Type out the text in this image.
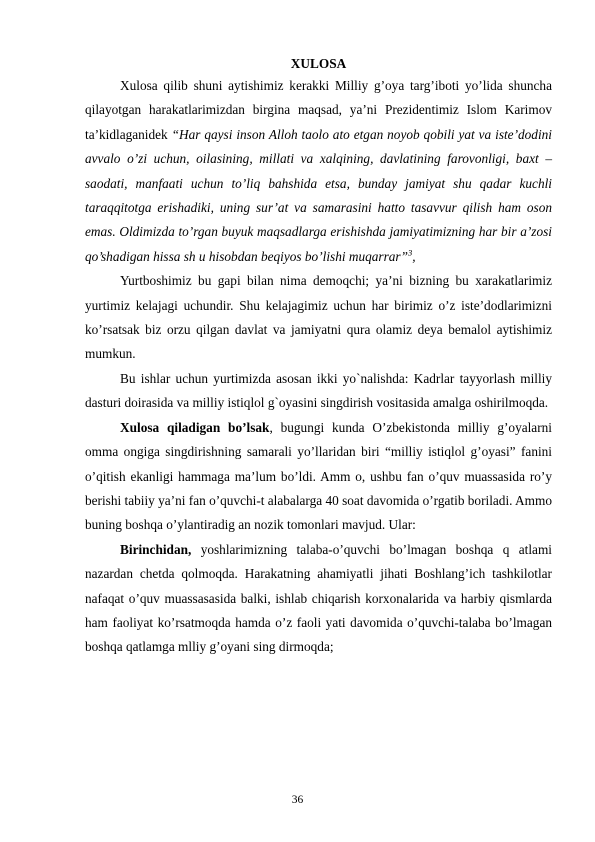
XULOSA

Xulosa qilib shuni aytishimiz kerakki Milliy g’oya targ’iboti yo’lida shuncha qilayotgan harakatlarimizdan birgina maqsad, ya’ni Prezidentimiz Islom Karimov ta’kidlaganidek “Har qaysi inson Alloh taolo ato etgan noyob qobili yat va iste’dodini avvalo o’zi uchun, oilasining, millati va xalqining, davlatining farovonligi, baxt – saodati, manfaati uchun to’liq bahshida etsa, bunday jamiyat shu qadar kuchli taraqqitotga erishadiki, uning sur’at va samarasini hatto tasavvur qilish ham oson emas. Oldimizda to’rgan buyuk maqsadlarga erishishda jamiyatimizning har bir a’zosi qo’shadigan hissa sh u hisobdan beqiyos bo’lishi muqarrar”$^3$,

Yurtboshimiz bu gapi bilan nima demoqchi; ya’ni bizning bu xarakatlarimiz yurtimiz kelajagi uchundir. Shu kelajagimiz uchun har birimiz o’z iste’dodlarimizni ko’rsatsak biz orzu qilgan davlat va jamiyatni qura olamiz deya bemalol aytishimiz mumkun.

Bu ishlar uchun yurtimizda asosan ikki yo`nalishda: Kadrlar tayyorlash milliy dasturi doirasida va milliy istiqlol g`oyasini singdirish vositasida amalga oshirilmoqda.

Xulosa qiladigan bo’lsak, bugungi kunda O’zbekistonda milliy g’oyalarni omma ongiga singdirishning samarali yo’llaridan biri “milliy istiqlol g’oyasi” fanini o’qitish ekanligi hammaga ma’lum bo’ldi. Amm o, ushbu fan o’quv muassasida ro’y berishi tabiiy ya’ni fan o’quvchi-t alabalarga 40 soat davomida o’rgatib boriladi. Ammo buning boshqa o’ylantiradig an nozik tomonlari mavjud. Ular:

Birinchidan, yoshlarimizning talaba-o’quvchi bo’lmagan boshqa q atlami nazardan chetda qolmoqda. Harakatning ahamiyatli jihati Boshlang’ich tashkilotlar nafaqat o’quv muassasasida balki, ishlab chiqarish korxonalarida va harbiy qismlarda ham faoliyat ko’rsatmoqda hamda o’z faoli yati davomida o’quvchi-talaba bo’lmagan boshqa qatlamga mlliy g’oyani sing dirmoqda;

36
